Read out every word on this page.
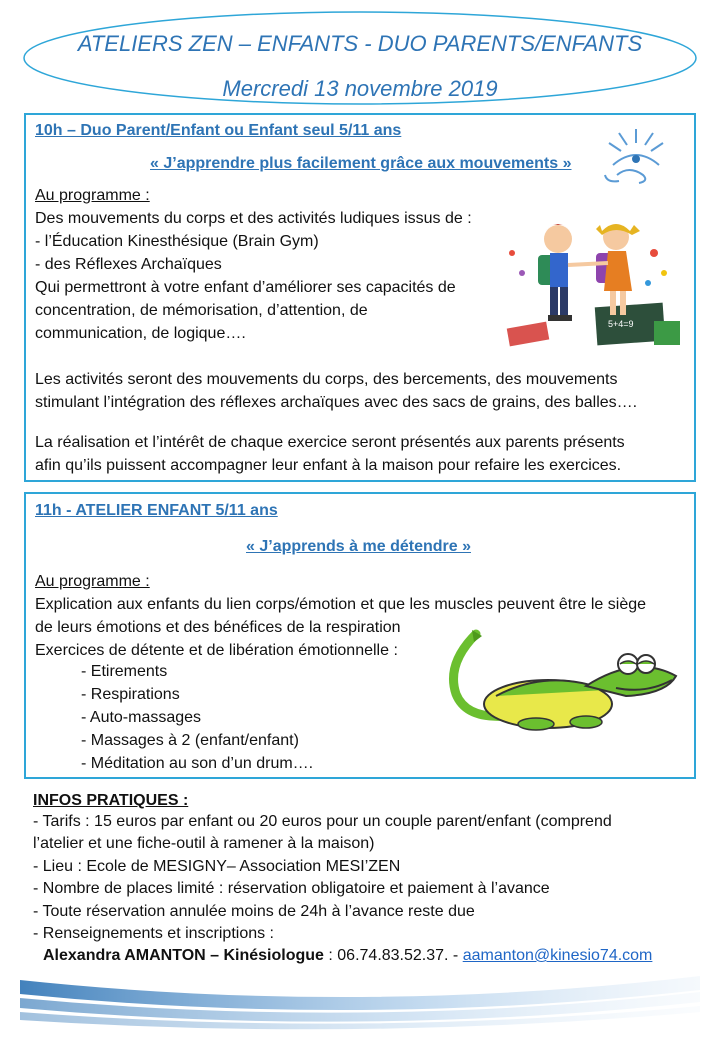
ATELIERS ZEN – ENFANTS - DUO PARENTS/ENFANTS
Mercredi 13 novembre 2019
10h – Duo Parent/Enfant ou Enfant seul 5/11 ans
« J’apprendre plus facilement grâce aux mouvements »
Au programme :
Des mouvements du corps et des activités ludiques issus de :
- l’Éducation Kinesthésique (Brain Gym)
- des Réflexes Archaïques
Qui permettront à votre enfant d’améliorer ses capacités de
concentration, de mémorisation, d’attention, de
communication, de logique….
5+4=9
Les activités seront des mouvements du corps, des bercements, des mouvements
stimulant l’intégration des réflexes archaïques avec des sacs de grains, des balles….
La réalisation et l’intérêt de chaque exercice seront présentés aux parents présents
afin qu’ils puissent accompagner leur enfant à la maison pour refaire les exercices.
11h - ATELIER ENFANT 5/11 ans
« J’apprends à me détendre »
Au programme :
Explication aux enfants du lien corps/émotion et que les muscles peuvent être le siège
de leurs émotions et des bénéfices de la respiration
Exercices de détente et de libération émotionnelle :
- Etirements
- Respirations
- Auto-massages
- Massages à 2 (enfant/enfant)
- Méditation au son d’un drum….
INFOS PRATIQUES :
- Tarifs : 15 euros par enfant ou 20 euros pour un couple parent/enfant (comprend
l’atelier et une fiche-outil à ramener à la maison)
- Lieu : Ecole de MESIGNY– Association MESI’ZEN
- Nombre de places limité : réservation obligatoire et paiement à l’avance
- Toute réservation annulée moins de 24h à l’avance reste due
- Renseignements et inscriptions :
Alexandra AMANTON – Kinésiologue : 06.74.83.52.37. - aamanton@kinesio74.com
